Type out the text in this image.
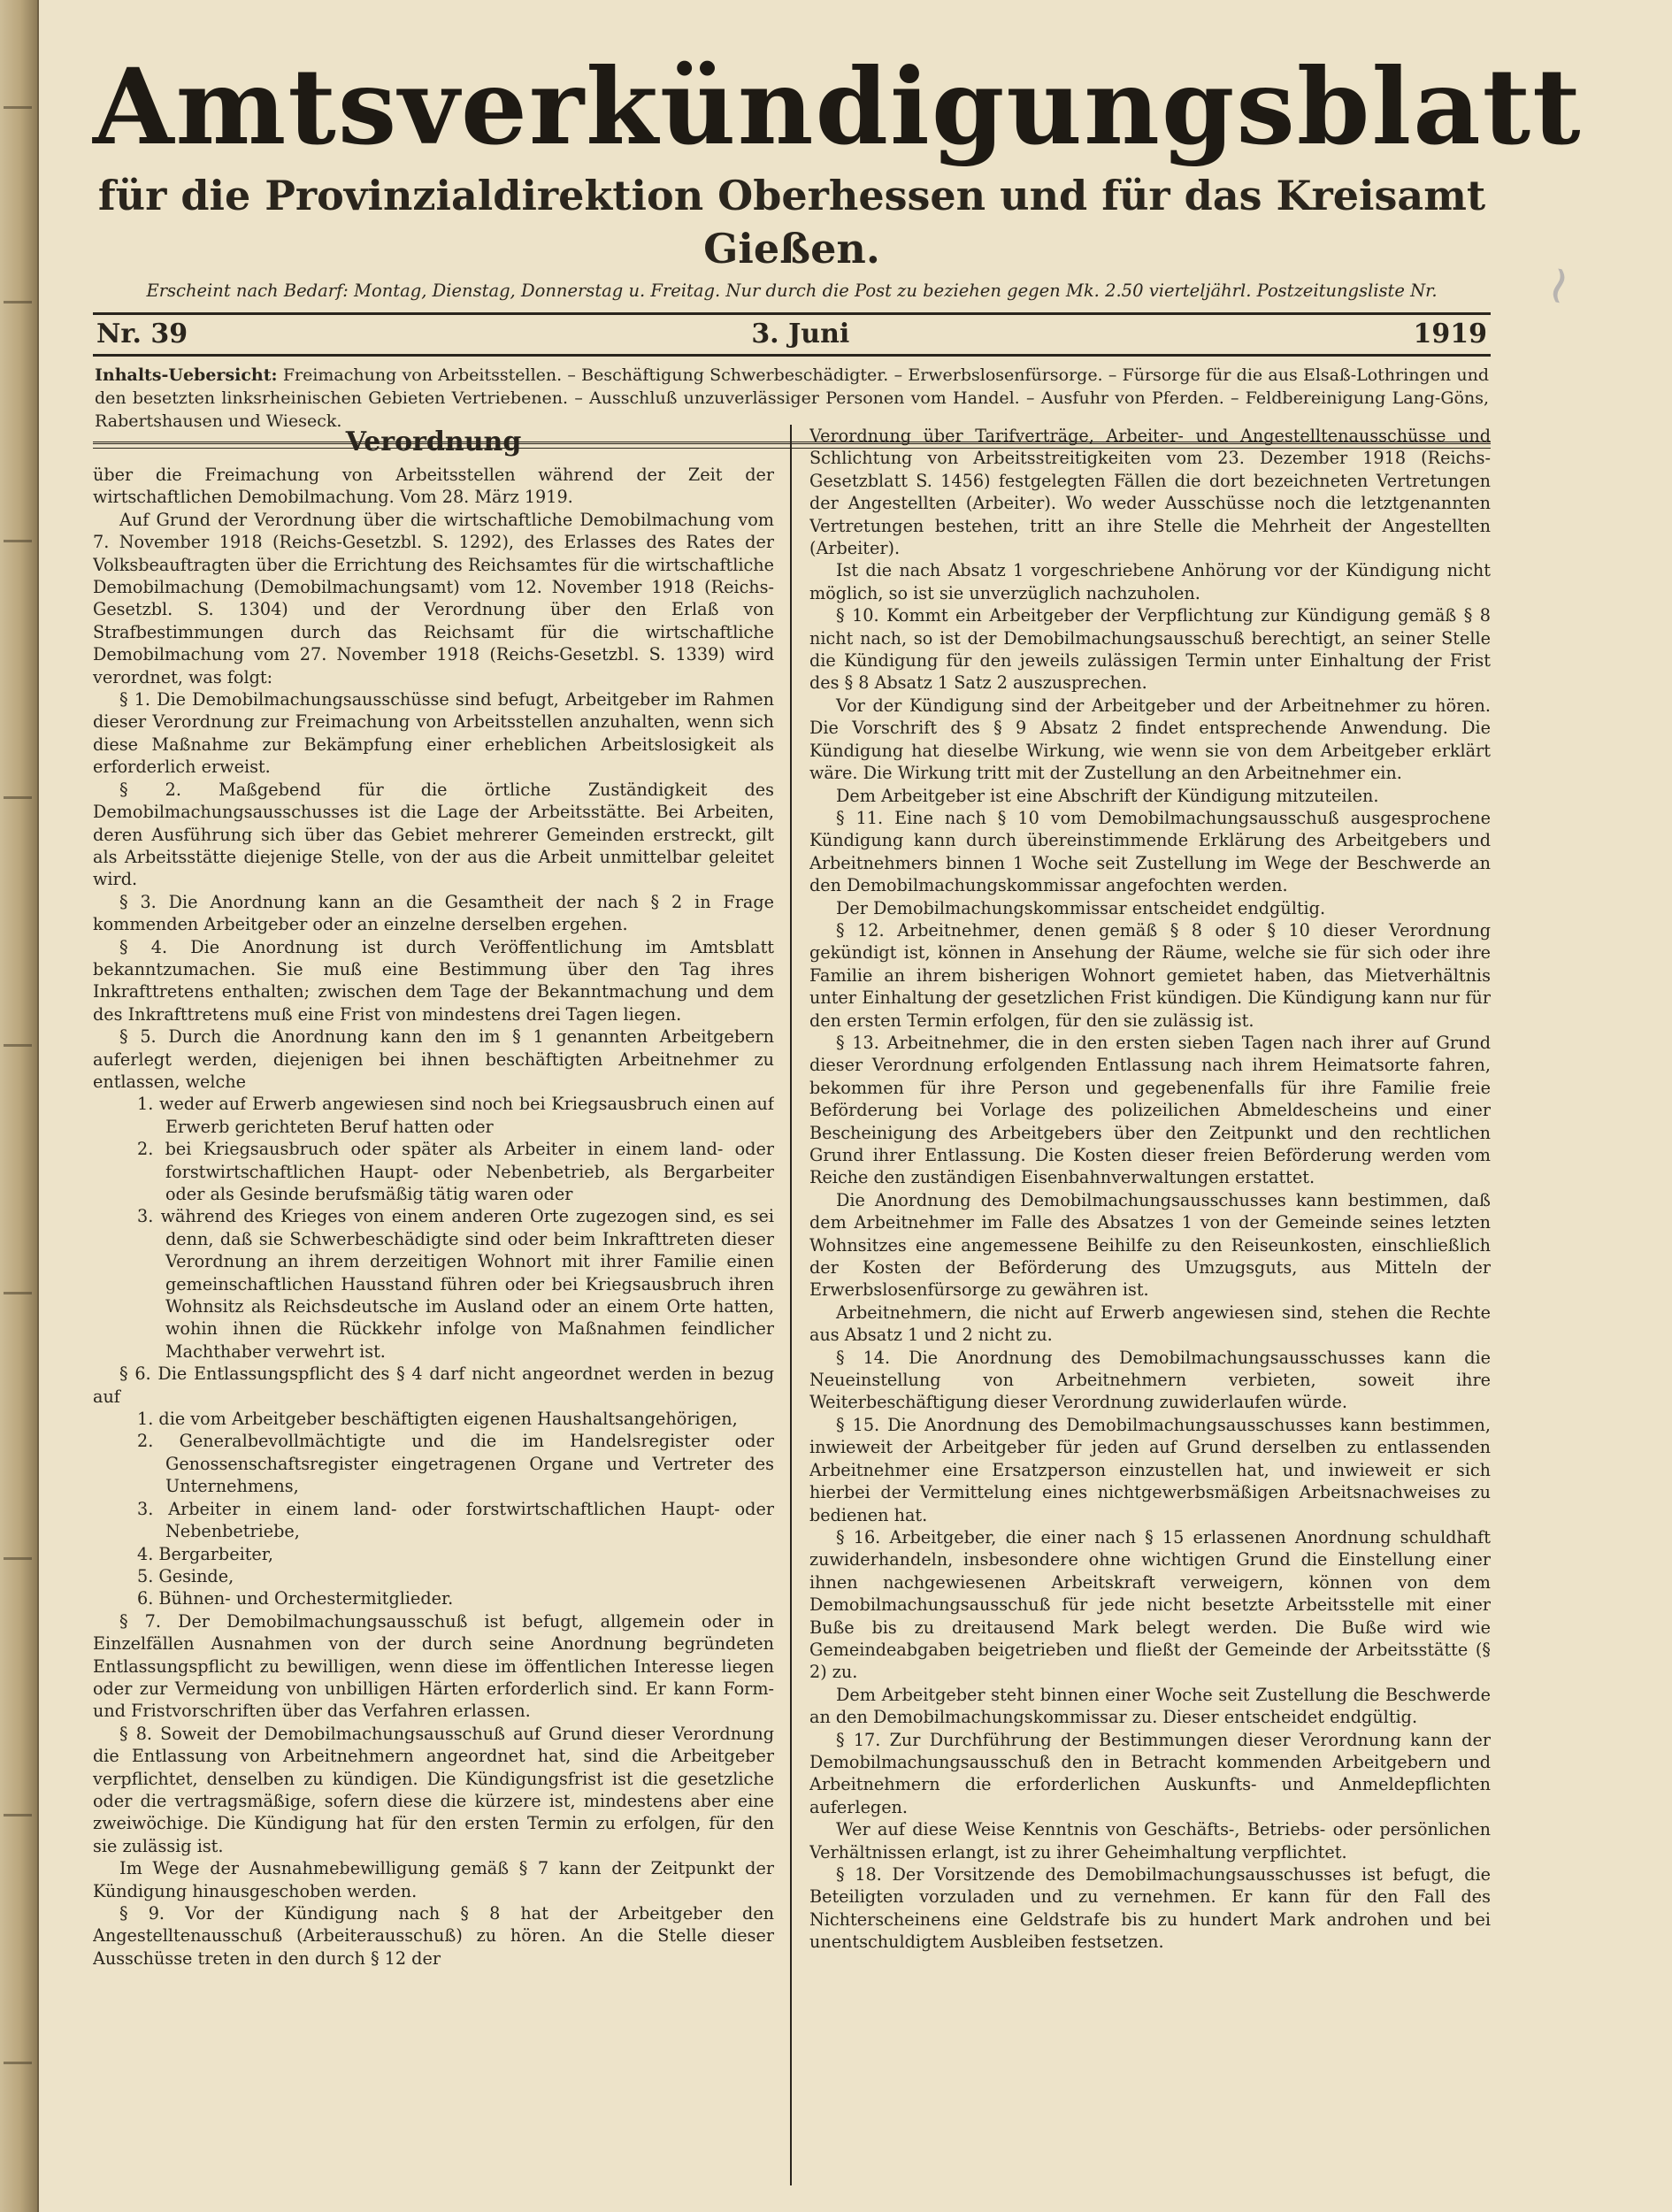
~
Amtsverkündigungsblatt
für die Provinzialdirektion Oberhessen und für das Kreisamt Gießen.
Erscheint nach Bedarf: Montag, Dienstag, Donnerstag u. Freitag. Nur durch die Post zu beziehen gegen Mk. 2.50 vierteljährl. Postzeitungsliste Nr.
Nr. 39	3. Juni	1919
Inhalts-Uebersicht: Freimachung von Arbeitsstellen. – Beschäftigung Schwerbeschädigter. – Erwerbslosenfürsorge. – Fürsorge für die aus Elsaß-Lothringen und den besetzten linksrheinischen Gebieten Vertriebenen. – Ausschluß unzuverlässiger Personen vom Handel. – Ausfuhr von Pferden. – Feldbereinigung Lang-Göns, Rabertshausen und Wieseck.
Verordnung

über die Freimachung von Arbeitsstellen während der Zeit der wirtschaftlichen Demobilmachung. Vom 28. März 1919.

Auf Grund der Verordnung über die wirtschaftliche Demobilmachung vom 7. November 1918 (Reichs-Gesetzbl. S. 1292), des Erlasses des Rates der Volksbeauftragten über die Errichtung des Reichsamtes für die wirtschaftliche Demobilmachung (Demobilmachungsamt) vom 12. November 1918 (Reichs-Gesetzbl. S. 1304) und der Verordnung über den Erlaß von Strafbestimmungen durch das Reichsamt für die wirtschaftliche Demobilmachung vom 27. November 1918 (Reichs-Gesetzbl. S. 1339) wird verordnet, was folgt:

§ 1. Die Demobilmachungsausschüsse sind befugt, Arbeitgeber im Rahmen dieser Verordnung zur Freimachung von Arbeitsstellen anzuhalten, wenn sich diese Maßnahme zur Bekämpfung einer erheblichen Arbeitslosigkeit als erforderlich erweist.

§ 2. Maßgebend für die örtliche Zuständigkeit des Demobilmachungsausschusses ist die Lage der Arbeitsstätte. Bei Arbeiten, deren Ausführung sich über das Gebiet mehrerer Gemeinden erstreckt, gilt als Arbeitsstätte diejenige Stelle, von der aus die Arbeit unmittelbar geleitet wird.

§ 3. Die Anordnung kann an die Gesamtheit der nach § 2 in Frage kommenden Arbeitgeber oder an einzelne derselben ergehen.

§ 4. Die Anordnung ist durch Veröffentlichung im Amtsblatt bekanntzumachen. Sie muß eine Bestimmung über den Tag ihres Inkrafttretens enthalten; zwischen dem Tage der Bekanntmachung und dem des Inkrafttretens muß eine Frist von mindestens drei Tagen liegen.

§ 5. Durch die Anordnung kann den im § 1 genannten Arbeitgebern auferlegt werden, diejenigen bei ihnen beschäftigten Arbeitnehmer zu entlassen, welche

1. weder auf Erwerb angewiesen sind noch bei Kriegsausbruch einen auf Erwerb gerichteten Beruf hatten oder
2. bei Kriegsausbruch oder später als Arbeiter in einem land- oder forstwirtschaftlichen Haupt- oder Nebenbetrieb, als Bergarbeiter oder als Gesinde berufsmäßig tätig waren oder
3. während des Krieges von einem anderen Orte zugezogen sind, es sei denn, daß sie Schwerbeschädigte sind oder beim Inkrafttreten dieser Verordnung an ihrem derzeitigen Wohnort mit ihrer Familie einen gemeinschaftlichen Hausstand führen oder bei Kriegsausbruch ihren Wohnsitz als Reichsdeutsche im Ausland oder an einem Orte hatten, wohin ihnen die Rückkehr infolge von Maßnahmen feindlicher Machthaber verwehrt ist.

§ 6. Die Entlassungspflicht des § 4 darf nicht angeordnet werden in bezug auf

1. die vom Arbeitgeber beschäftigten eigenen Haushaltsangehörigen,
2. Generalbevollmächtigte und die im Handelsregister oder Genossenschaftsregister eingetragenen Organe und Vertreter des Unternehmens,
3. Arbeiter in einem land- oder forstwirtschaftlichen Haupt- oder Nebenbetriebe,
4. Bergarbeiter,
5. Gesinde,
6. Bühnen- und Orchestermitglieder.

§ 7. Der Demobilmachungsausschuß ist befugt, allgemein oder in Einzelfällen Ausnahmen von der durch seine Anordnung begründeten Entlassungspflicht zu bewilligen, wenn diese im öffentlichen Interesse liegen oder zur Vermeidung von unbilligen Härten erforderlich sind. Er kann Form- und Fristvorschriften über das Verfahren erlassen.

§ 8. Soweit der Demobilmachungsausschuß auf Grund dieser Verordnung die Entlassung von Arbeitnehmern angeordnet hat, sind die Arbeitgeber verpflichtet, denselben zu kündigen. Die Kündigungsfrist ist die gesetzliche oder die vertragsmäßige, sofern diese die kürzere ist, mindestens aber eine zweiwöchige. Die Kündigung hat für den ersten Termin zu erfolgen, für den sie zulässig ist.

Im Wege der Ausnahmebewilligung gemäß § 7 kann der Zeitpunkt der Kündigung hinausgeschoben werden.

§ 9. Vor der Kündigung nach § 8 hat der Arbeitgeber den Angestelltenausschuß (Arbeiterausschuß) zu hören. An die Stelle dieser Ausschüsse treten in den durch § 12 der

Verordnung über Tarifverträge, Arbeiter- und Angestelltenausschüsse und Schlichtung von Arbeitsstreitigkeiten vom 23. Dezember 1918 (Reichs-Gesetzblatt S. 1456) festgelegten Fällen die dort bezeichneten Vertretungen der Angestellten (Arbeiter). Wo weder Ausschüsse noch die letztgenannten Vertretungen bestehen, tritt an ihre Stelle die Mehrheit der Angestellten (Arbeiter).

Ist die nach Absatz 1 vorgeschriebene Anhörung vor der Kündigung nicht möglich, so ist sie unverzüglich nachzuholen.

§ 10. Kommt ein Arbeitgeber der Verpflichtung zur Kündigung gemäß § 8 nicht nach, so ist der Demobilmachungsausschuß berechtigt, an seiner Stelle die Kündigung für den jeweils zulässigen Termin unter Einhaltung der Frist des § 8 Absatz 1 Satz 2 auszusprechen.

Vor der Kündigung sind der Arbeitgeber und der Arbeitnehmer zu hören. Die Vorschrift des § 9 Absatz 2 findet entsprechende Anwendung. Die Kündigung hat dieselbe Wirkung, wie wenn sie von dem Arbeitgeber erklärt wäre. Die Wirkung tritt mit der Zustellung an den Arbeitnehmer ein.

Dem Arbeitgeber ist eine Abschrift der Kündigung mitzuteilen.

§ 11. Eine nach § 10 vom Demobilmachungsausschuß ausgesprochene Kündigung kann durch übereinstimmende Erklärung des Arbeitgebers und Arbeitnehmers binnen 1 Woche seit Zustellung im Wege der Beschwerde an den Demobilmachungskommissar angefochten werden.

Der Demobilmachungskommissar entscheidet endgültig.

§ 12. Arbeitnehmer, denen gemäß § 8 oder § 10 dieser Verordnung gekündigt ist, können in Ansehung der Räume, welche sie für sich oder ihre Familie an ihrem bisherigen Wohnort gemietet haben, das Mietverhältnis unter Einhaltung der gesetzlichen Frist kündigen. Die Kündigung kann nur für den ersten Termin erfolgen, für den sie zulässig ist.

§ 13. Arbeitnehmer, die in den ersten sieben Tagen nach ihrer auf Grund dieser Verordnung erfolgenden Entlassung nach ihrem Heimatsorte fahren, bekommen für ihre Person und gegebenenfalls für ihre Familie freie Beförderung bei Vorlage des polizeilichen Abmeldescheins und einer Bescheinigung des Arbeitgebers über den Zeitpunkt und den rechtlichen Grund ihrer Entlassung. Die Kosten dieser freien Beförderung werden vom Reiche den zuständigen Eisenbahnverwaltungen erstattet.

Die Anordnung des Demobilmachungsausschusses kann bestimmen, daß dem Arbeitnehmer im Falle des Absatzes 1 von der Gemeinde seines letzten Wohnsitzes eine angemessene Beihilfe zu den Reiseunkosten, einschließlich der Kosten der Beförderung des Umzugsguts, aus Mitteln der Erwerbslosenfürsorge zu gewähren ist.

Arbeitnehmern, die nicht auf Erwerb angewiesen sind, stehen die Rechte aus Absatz 1 und 2 nicht zu.

§ 14. Die Anordnung des Demobilmachungsausschusses kann die Neueinstellung von Arbeitnehmern verbieten, soweit ihre Weiterbeschäftigung dieser Verordnung zuwiderlaufen würde.

§ 15. Die Anordnung des Demobilmachungsausschusses kann bestimmen, inwieweit der Arbeitgeber für jeden auf Grund derselben zu entlassenden Arbeitnehmer eine Ersatzperson einzustellen hat, und inwieweit er sich hierbei der Vermittelung eines nichtgewerbsmäßigen Arbeitsnachweises zu bedienen hat.

§ 16. Arbeitgeber, die einer nach § 15 erlassenen Anordnung schuldhaft zuwiderhandeln, insbesondere ohne wichtigen Grund die Einstellung einer ihnen nachgewiesenen Arbeitskraft verweigern, können von dem Demobilmachungsausschuß für jede nicht besetzte Arbeitsstelle mit einer Buße bis zu dreitausend Mark belegt werden. Die Buße wird wie Gemeindeabgaben beigetrieben und fließt der Gemeinde der Arbeitsstätte (§ 2) zu.

Dem Arbeitgeber steht binnen einer Woche seit Zustellung die Beschwerde an den Demobilmachungskommissar zu. Dieser entscheidet endgültig.

§ 17. Zur Durchführung der Bestimmungen dieser Verordnung kann der Demobilmachungsausschuß den in Betracht kommenden Arbeitgebern und Arbeitnehmern die erforderlichen Auskunfts- und Anmeldepflichten auferlegen.

Wer auf diese Weise Kenntnis von Geschäfts-, Betriebs- oder persönlichen Verhältnissen erlangt, ist zu ihrer Geheimhaltung verpflichtet.

§ 18. Der Vorsitzende des Demobilmachungsausschusses ist befugt, die Beteiligten vorzuladen und zu vernehmen. Er kann für den Fall des Nichterscheinens eine Geldstrafe bis zu hundert Mark androhen und bei unentschuldigtem Ausbleiben festsetzen.
